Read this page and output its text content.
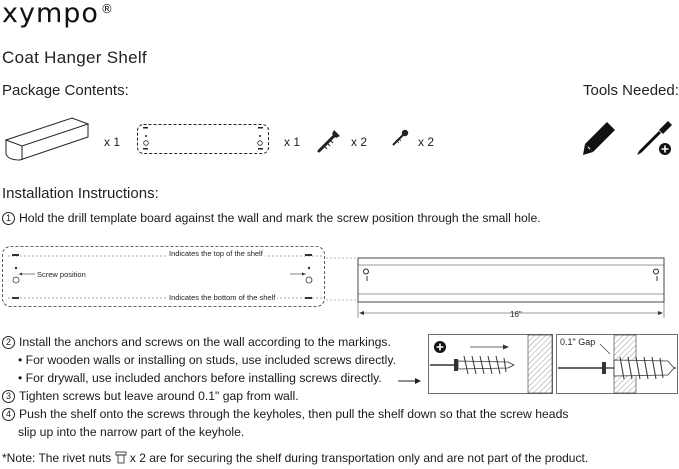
xympo ®
Coat Hanger Shelf
Package Contents:	Tools Needed:
x 1	x 1	x 2	x 2
Installation Instructions:
1 Hold the drill template board against the wall and mark the screw position through the small hole.
Indicates the top of the shelf
Screw position
Indicates the bottom of the shelf
16"
2 Install the anchors and screws on the wall according to the markings.
• For wooden walls or installing on studs, use included screws directly.
• For drywall, use included anchors before installing screws directly.
3 Tighten screws but leave around 0.1" gap from wall.
4 Push the shelf onto the screws through the keyholes, then pull the shelf down so that the screw heads
slip up into the narrow part of the keyhole.
0.1" Gap
*Note: The rivet nuts x 2 are for securing the shelf during transportation only and are not part of the product.
